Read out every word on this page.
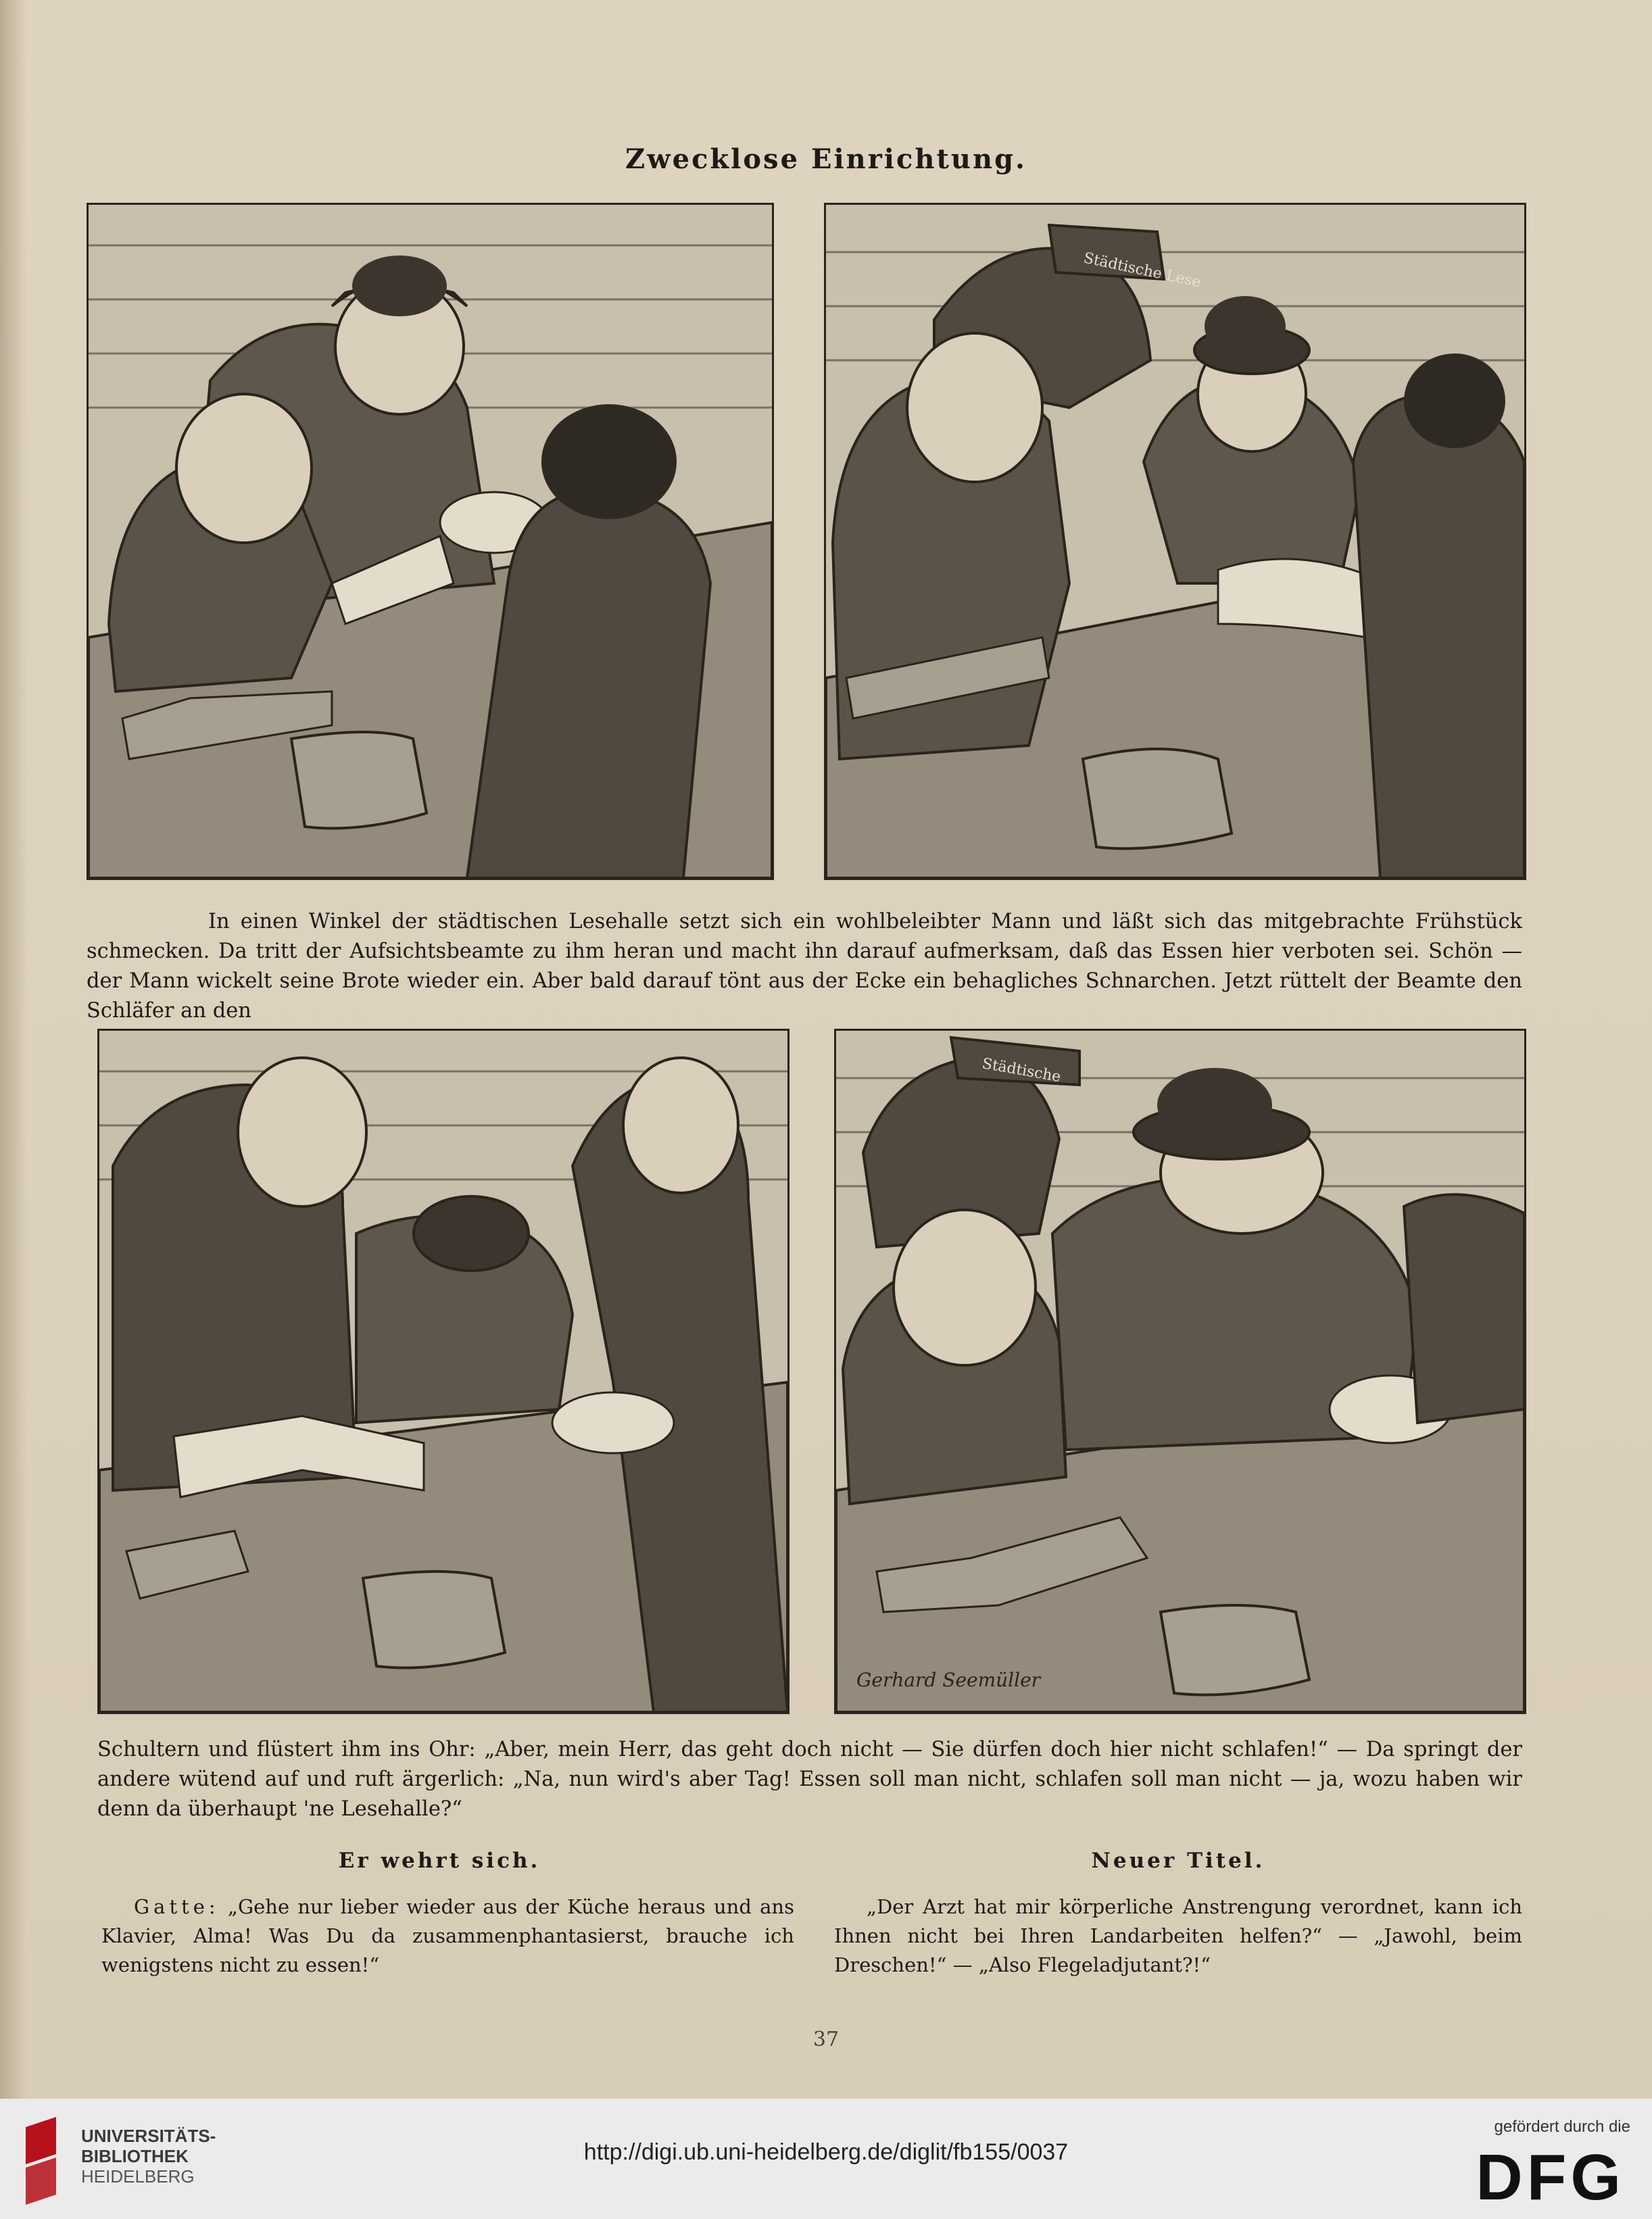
Zwecklose Einrichtung.
Städtische Lese
In einen Winkel der städtischen Lesehalle setzt sich ein wohlbeleibter Mann und läßt sich das mitgebrachte Frühstück schmecken. Da tritt der Aufsichtsbeamte zu ihm heran und macht ihn darauf aufmerksam, daß das Essen hier verboten sei. Schön — der Mann wickelt seine Brote wieder ein. Aber bald darauf tönt aus der Ecke ein behagliches Schnarchen. Jetzt rüttelt der Beamte den Schläfer an den
Städtische
Gerhard Seemüller
Schultern und flüstert ihm ins Ohr: „Aber, mein Herr, das geht doch nicht — Sie dürfen doch hier nicht schlafen!“ — Da springt der andere wütend auf und ruft ärgerlich: „Na, nun wird's aber Tag! Essen soll man nicht, schlafen soll man nicht — ja, wozu haben wir denn da überhaupt 'ne Lesehalle?“
Er wehrt sich.	Neuer Titel.
Gatte: „Gehe nur lieber wieder aus der Küche heraus und ans Klavier, Alma! Was Du da zusammenphantasierst, brauche ich wenigstens nicht zu essen!“
„Der Arzt hat mir körperliche Anstrengung verordnet, kann ich Ihnen nicht bei Ihren Landarbeiten helfen?“ — „Jawohl, beim Dreschen!“ — „Also Flegeladjutant?!“
37
UNIVERSITÄTS-
BIBLIOTHEK
HEIDELBERG
http://digi.ub.uni-heidelberg.de/diglit/fb155/0037
gefördert durch die
DFG
